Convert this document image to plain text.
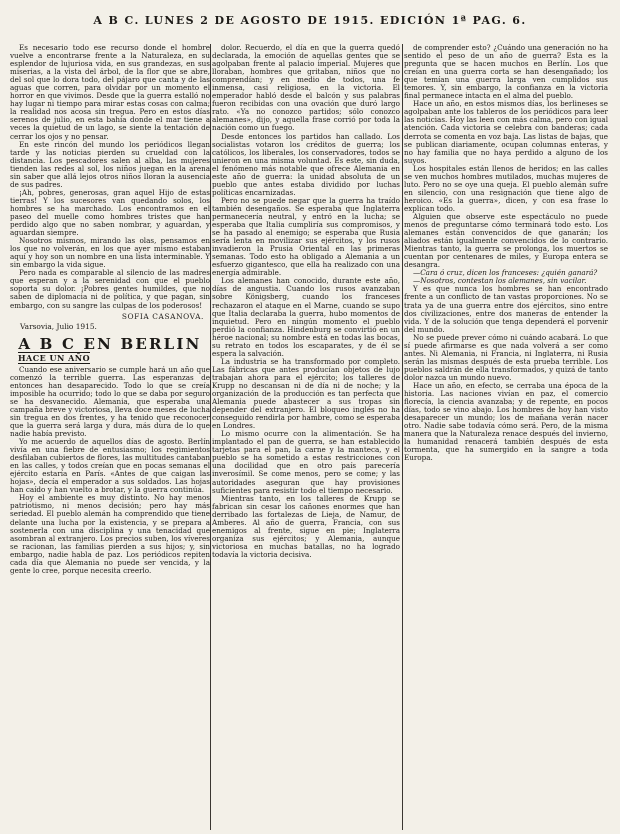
A B C. LUNES 2 DE AGOSTO DE 1915. EDICIÓN 1ª PAG. 6.

Es necesario todo ese recurso donde el hombre vuelve a encontrarse frente a la Naturaleza, en su esplendor de lujuriosa vida, en sus grandezas, en sus miserias, a la vista del árbol, de la flor que se abre, del sol que lo dora todo, del pájaro que canta y de las aguas que corren, para olvidar por un momento el horror en que vivimos. Desde que la guerra estalló no hay lugar ni tiempo para mirar estas cosas con calma; la realidad nos acosa sin tregua. Pero en estos días serenos de julio, en esta bahía donde el mar tiene a veces la quietud de un lago, se siente la tentación de cerrar los ojos y no pensar.

En este rincón del mundo los periódicos llegan tarde y las noticias pierden su crueldad con la distancia. Los pescadores salen al alba, las mujeres tienden las redes al sol, los niños juegan en la arena sin saber que allá lejos otros niños lloran la ausencia de sus padres.

¡Ah, pobres, generosas, gran aquel Hijo de estas tierras! Y los sucesores van quedando solos, los hombres se ha marchado. Los encontramos en el paseo del muelle como hombres tristes que han perdido algo que no saben nombrar, y aguardan, y aguardan siempre.

Nosotros mismos, mirando las olas, pensamos en los que no volverán, en los que ayer mismo estaban aquí y hoy son un nombre en una lista interminable. Y sin embargo la vida sigue.

Pero nada es comparable al silencio de las madres que esperan y a la serenidad con que el pueblo soporta su dolor. ¡Pobres gentes humildes, que no saben de diplomacia ni de política, y que pagan, sin embargo, con su sangre las culpas de los poderosos!

SOFIA CASANOVA.
Varsovia, Julio 1915.
A B C EN BERLIN
HACE UN AÑO

Cuando ese aniversario se cumple hará un año que comenzó la terrible guerra. Las esperanzas de entonces han desaparecido. Todo lo que se creía imposible ha ocurrido; todo lo que se daba por seguro se ha desvanecido. Alemania, que esperaba una campaña breve y victoriosa, lleva doce meses de lucha sin tregua en dos frentes, y ha tenido que reconocer que la guerra será larga y dura, más dura de lo que nadie había previsto.

Yo me acuerdo de aquellos días de agosto. Berlín vivía en una fiebre de entusiasmo; los regimientos desfilaban cubiertos de flores, las multitudes cantaban en las calles, y todos creían que en pocas semanas el ejército estaría en París. «Antes de que caigan las hojas», decía el emperador a sus soldados. Las hojas han caído y han vuelto a brotar, y la guerra continúa.

Hoy el ambiente es muy distinto. No hay menos patriotismo, ni menos decisión; pero hay más seriedad. El pueblo alemán ha comprendido que tiene delante una lucha por la existencia, y se prepara a sostenerla con una disciplina y una tenacidad que asombran al extranjero. Los precios suben, los víveres se racionan, las familias pierden a sus hijos; y, sin embargo, nadie habla de paz. Los periódicos repiten cada día que Alemania no puede ser vencida, y la gente lo cree, porque necesita creerlo.

dolor. Recuerdo, el día en que la guerra quedó declarada, la emoción de aquellas gentes que se agolpaban frente al palacio imperial. Mujeres que lloraban, hombres que gritaban, niños que no comprendían; y en medio de todos, una fe inmensa, casi religiosa, en la victoria. El emperador habló desde el balcón y sus palabras fueron recibidas con una ovación que duró largo rato. «Ya no conozco partidos; sólo conozco alemanes», dijo, y aquella frase corrió por toda la nación como un fuego.

Desde entonces los partidos han callado. Los socialistas votaron los créditos de guerra; los católicos, los liberales, los conservadores, todos se unieron en una misma voluntad. Es este, sin duda, el fenómeno más notable que ofrece Alemania en este año de guerra: la unidad absoluta de un pueblo que antes estaba dividido por luchas políticas encarnizadas.

Pero no se puede negar que la guerra ha traído también desengaños. Se esperaba que Inglaterra permanecería neutral, y entró en la lucha; se esperaba que Italia cumpliría sus compromisos, y se ha pasado al enemigo; se esperaba que Rusia sería lenta en movilizar sus ejércitos, y los rusos invadieron la Prusia Oriental en las primeras semanas. Todo esto ha obligado a Alemania a un esfuerzo gigantesco, que ella ha realizado con una energía admirable.

Los alemanes han conocido, durante este año, días de angustia. Cuando los rusos avanzaban sobre Königsberg, cuando los franceses rechazaron el ataque en el Marne, cuando se supo que Italia declaraba la guerra, hubo momentos de inquietud. Pero en ningún momento el pueblo perdió la confianza. Hindenburg se convirtió en un héroe nacional; su nombre está en todas las bocas, su retrato en todos los escaparates, y de él se espera la salvación.

La industria se ha transformado por completo. Las fábricas que antes producían objetos de lujo trabajan ahora para el ejército; los talleres de Krupp no descansan ni de día ni de noche; y la organización de la producción es tan perfecta que Alemania puede abastecer a sus tropas sin depender del extranjero. El bloqueo inglés no ha conseguido rendirla por hambre, como se esperaba en Londres.

Lo mismo ocurre con la alimentación. Se ha implantado el pan de guerra, se han establecido tarjetas para el pan, la carne y la manteca, y el pueblo se ha sometido a estas restricciones con una docilidad que en otro país parecería inverosímil. Se come menos, pero se come; y las autoridades aseguran que hay provisiones suficientes para resistir todo el tiempo necesario.

Mientras tanto, en los talleres de Krupp se fabrican sin cesar los cañones enormes que han derribado las fortalezas de Lieja, de Namur, de Amberes. Al año de guerra, Francia, con sus enemigos al frente, sigue en pie; Inglaterra organiza sus ejércitos; y Alemania, aunque victoriosa en muchas batallas, no ha logrado todavía la victoria decisiva.

de comprender esto? ¿Cuándo una generación no ha sentido el peso de un año de guerra? Esta es la pregunta que se hacen muchos en Berlín. Los que creían en una guerra corta se han desengañado; los que temían una guerra larga ven cumplidos sus temores. Y, sin embargo, la confianza en la victoria final permanece intacta en el alma del pueblo.

Hace un año, en estos mismos días, los berlineses se agolpaban ante los tableros de los periódicos para leer las noticias. Hoy las leen con más calma, pero con igual atención. Cada victoria se celebra con banderas; cada derrota se comenta en voz baja. Las listas de bajas, que se publican diariamente, ocupan columnas enteras, y no hay familia que no haya perdido a alguno de los suyos.

Los hospitales están llenos de heridos; en las calles se ven muchos hombres mutilados, muchas mujeres de luto. Pero no se oye una queja. El pueblo alemán sufre en silencio, con una resignación que tiene algo de heroico. «Es la guerra», dicen, y con esa frase lo explican todo.

Alguien que observe este espectáculo no puede menos de preguntarse cómo terminará todo esto. Los alemanes están convencidos de que ganarán; los aliados están igualmente convencidos de lo contrario. Mientras tanto, la guerra se prolonga, los muertos se cuentan por centenares de miles, y Europa entera se desangra.

—Cara ó cruz, dicen los franceses: ¿quién ganará?

—Nosotros, contestan los alemanes, sin vacilar.

Y es que nunca los hombres se han encontrado frente a un conflicto de tan vastas proporciones. No se trata ya de una guerra entre dos ejércitos, sino entre dos civilizaciones, entre dos maneras de entender la vida. Y de la solución que tenga dependerá el porvenir del mundo.

No se puede prever cómo ni cuándo acabará. Lo que sí puede afirmarse es que nada volverá a ser como antes. Ni Alemania, ni Francia, ni Inglaterra, ni Rusia serán las mismas después de esta prueba terrible. Los pueblos saldrán de ella transformados, y quizá de tanto dolor nazca un mundo nuevo.

Hace un año, en efecto, se cerraba una época de la historia. Las naciones vivían en paz, el comercio florecía, la ciencia avanzaba; y de repente, en pocos días, todo se vino abajo. Los hombres de hoy han visto desaparecer un mundo; los de mañana verán nacer otro. Nadie sabe todavía cómo será. Pero, de la misma manera que la Naturaleza renace después del invierno, la humanidad renacerá también después de esta tormenta, que ha sumergido en la sangre a toda Europa.
